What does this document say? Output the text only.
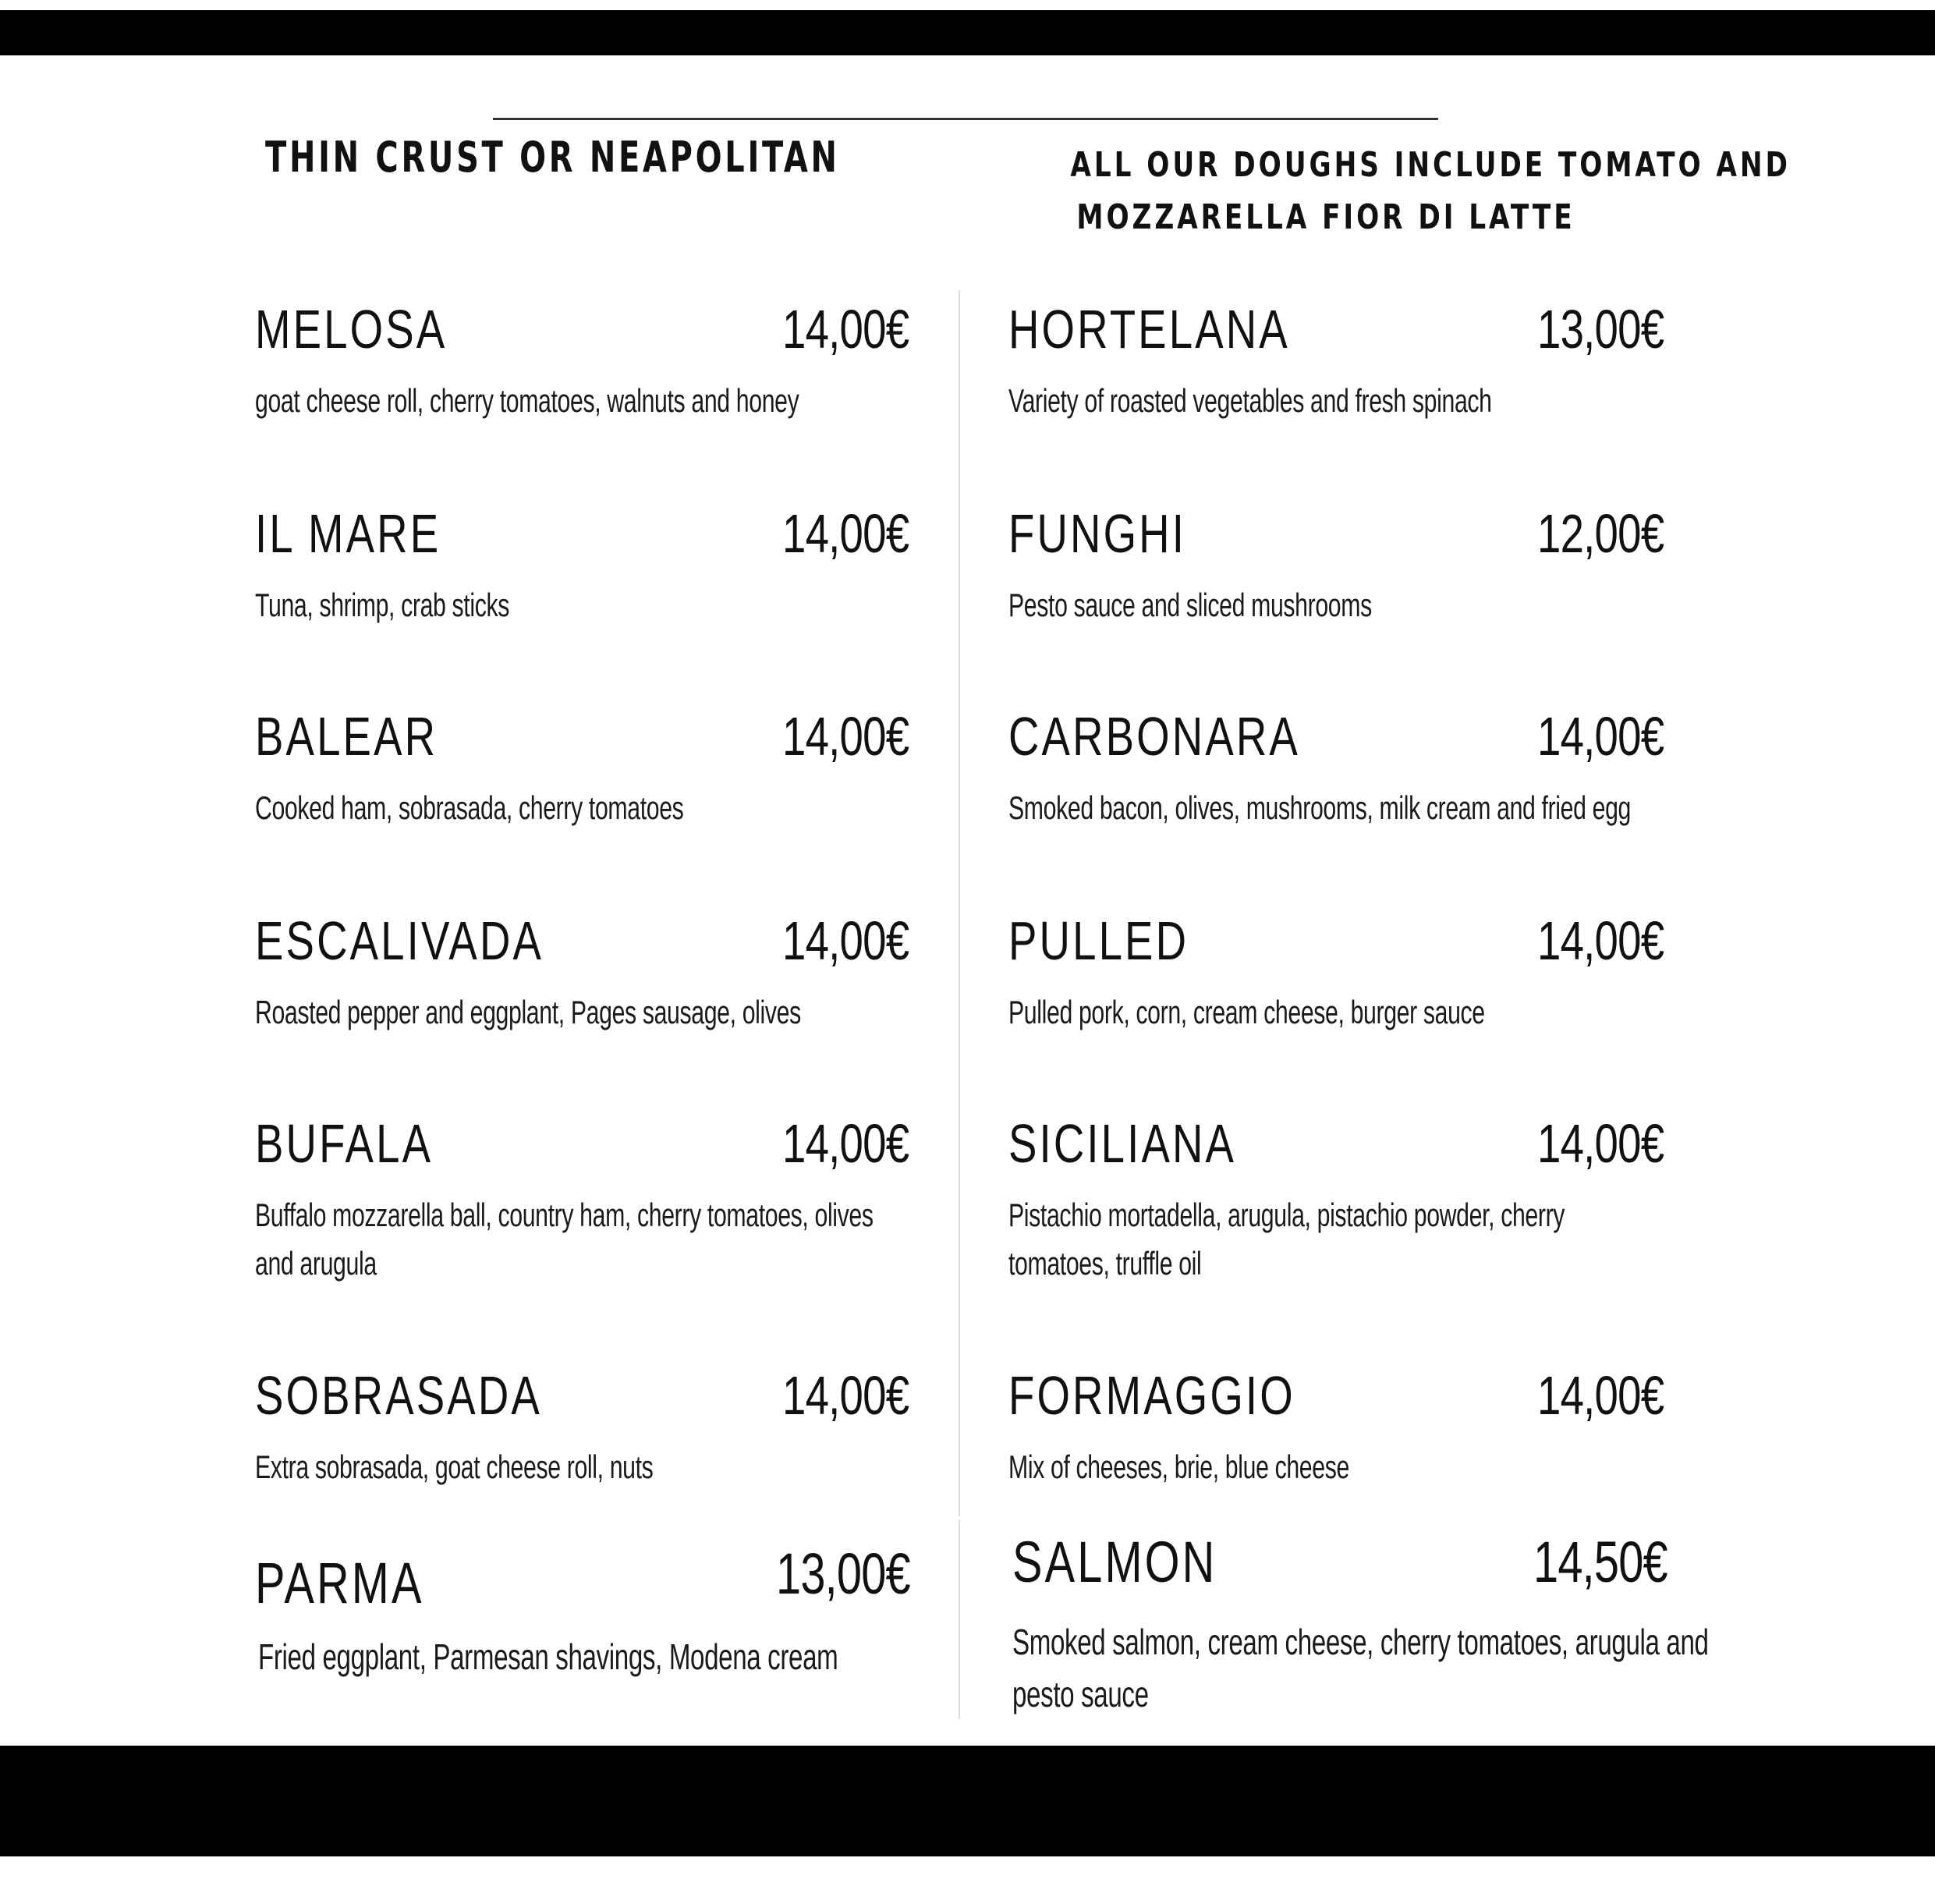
THIN CRUST OR NEAPOLITAN	ALL OUR DOUGHS INCLUDE TOMATO AND
MOZZARELLA FIOR DI LATTE
MELOSA	14,00€
goat cheese roll, cherry tomatoes, walnuts and honey
IL MARE	14,00€
Tuna, shrimp, crab sticks
BALEAR	14,00€
Cooked ham, sobrasada, cherry tomatoes
ESCALIVADA	14,00€
Roasted pepper and eggplant, Pages sausage, olives
BUFALA	14,00€
Buffalo mozzarella ball, country ham, cherry tomatoes, olives
and arugula
SOBRASADA	14,00€
Extra sobrasada, goat cheese roll, nuts
PARMA	13,00€
Fried eggplant, Parmesan shavings, Modena cream
HORTELANA	13,00€
Variety of roasted vegetables and fresh spinach
FUNGHI	12,00€
Pesto sauce and sliced mushrooms
CARBONARA	14,00€
Smoked bacon, olives, mushrooms, milk cream and fried egg
PULLED	14,00€
Pulled pork, corn, cream cheese, burger sauce
SICILIANA	14,00€
Pistachio mortadella, arugula, pistachio powder, cherry
tomatoes, truffle oil
FORMAGGIO	14,00€
Mix of cheeses, brie, blue cheese
SALMON	14,50€
Smoked salmon, cream cheese, cherry tomatoes, arugula and
pesto sauce
